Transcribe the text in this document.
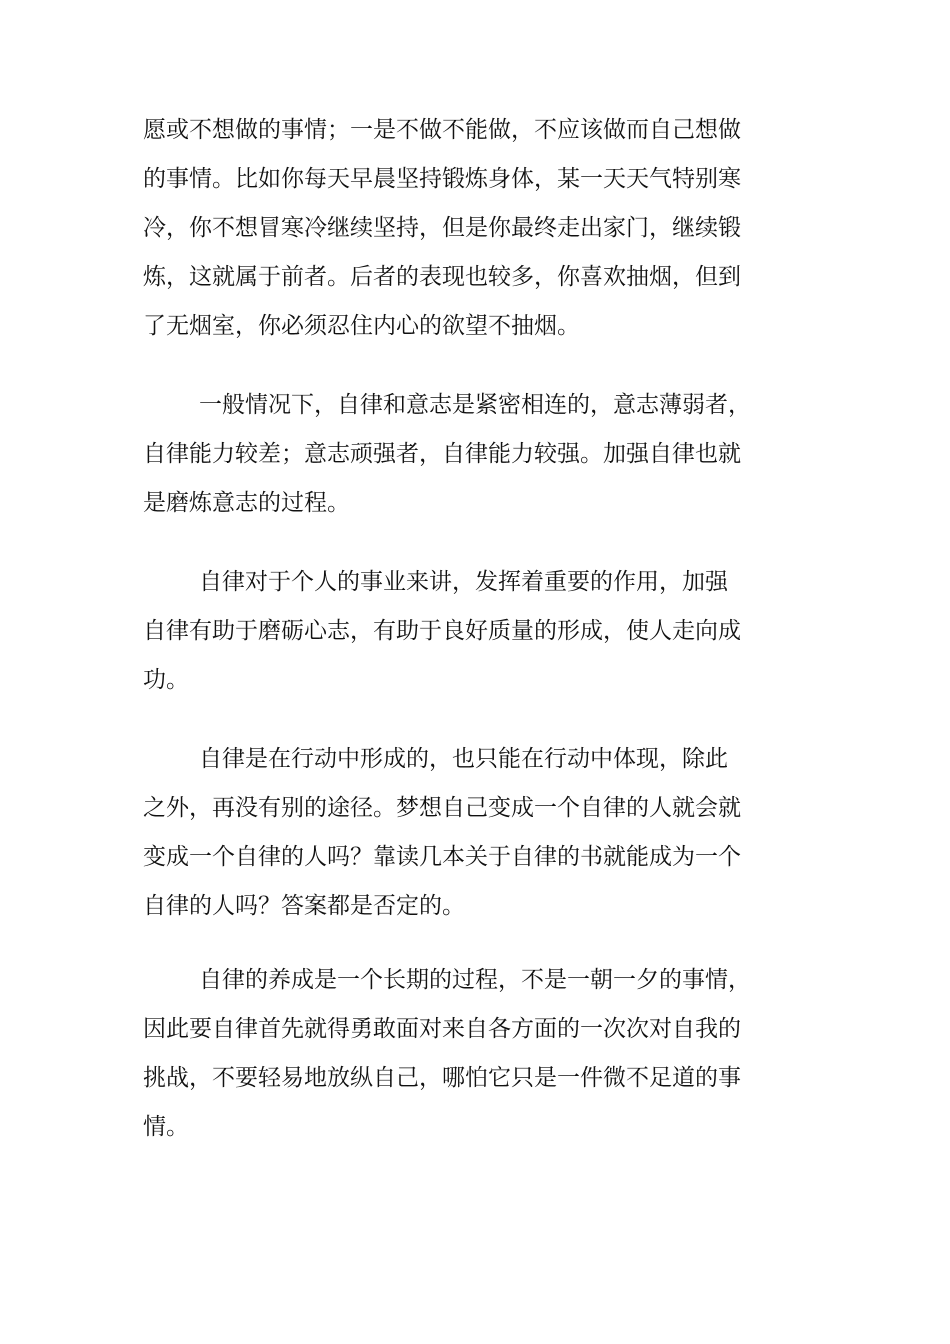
愿或不想做的事情；一是不做不能做，不应该做而自己想做
的事情。比如你每天早晨坚持锻炼身体，某一天天气特别寒
冷，你不想冒寒冷继续坚持，但是你最终走出家门，继续锻
炼，这就属于前者。后者的表现也较多，你喜欢抽烟，但到
了无烟室，你必须忍住内心的欲望不抽烟。
一般情况下，自律和意志是紧密相连的，意志薄弱者，
自律能力较差；意志顽强者，自律能力较强。加强自律也就
是磨炼意志的过程。
自律对于个人的事业来讲，发挥着重要的作用，加强
自律有助于磨砺心志，有助于良好质量的形成，使人走向成
功。
自律是在行动中形成的，也只能在行动中体现，除此
之外，再没有别的途径。梦想自己变成一个自律的人就会就
变成一个自律的人吗？靠读几本关于自律的书就能成为一个
自律的人吗？答案都是否定的。
自律的养成是一个长期的过程，不是一朝一夕的事情，
因此要自律首先就得勇敢面对来自各方面的一次次对自我的
挑战，不要轻易地放纵自己，哪怕它只是一件微不足道的事
情。
